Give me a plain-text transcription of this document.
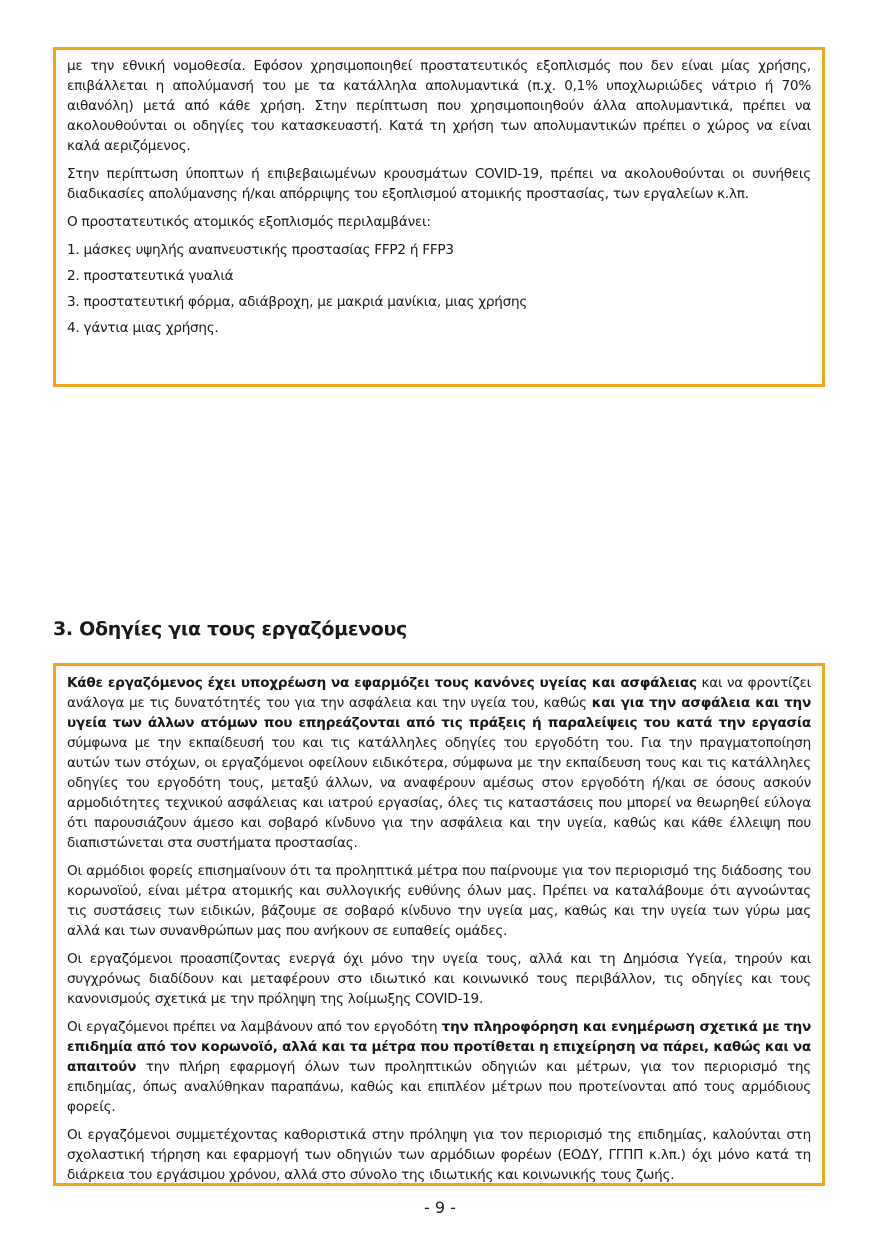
με την εθνική νομοθεσία. Εφόσον χρησιμοποιηθεί προστατευτικός εξοπλισμός που δεν είναι μίας χρήσης, επιβάλλεται η απολύμανσή του με τα κατάλληλα απολυμαντικά (π.χ. 0,1% υποχλωριώδες νάτριο ή 70% αιθανόλη) μετά από κάθε χρήση. Στην περίπτωση που χρησιμοποιηθούν άλλα απολυμαντικά, πρέπει να ακολουθούνται οι οδηγίες του κατασκευαστή. Κατά τη χρήση των απολυμαντικών πρέπει ο χώρος να είναι καλά αεριζόμενος.

Στην περίπτωση ύποπτων ή επιβεβαιωμένων κρουσμάτων COVID-19, πρέπει να ακολουθούνται οι συνήθεις διαδικασίες απολύμανσης ή/και απόρριψης του εξοπλισμού ατομικής προστασίας, των εργαλείων κ.λπ.

Ο προστατευτικός ατομικός εξοπλισμός περιλαμβάνει:

1. μάσκες υψηλής αναπνευστικής προστασίας FFP2 ή FFP3

2. προστατευτικά γυαλιά

3. προστατευτική φόρμα, αδιάβροχη, με μακριά μανίκια, μιας χρήσης

4. γάντια μιας χρήσης.

3. Οδηγίες για τους εργαζόμενους

Κάθε εργαζόμενος έχει υποχρέωση να εφαρμόζει τους κανόνες υγείας και ασφάλειας και να φροντίζει ανάλογα με τις δυνατότητές του για την ασφάλεια και την υγεία του, καθώς και για την ασφάλεια και την υγεία των άλλων ατόμων που επηρεάζονται από τις πράξεις ή παραλείψεις του κατά την εργασία σύμφωνα με την εκπαίδευσή του και τις κατάλληλες οδηγίες του εργοδότη του. Για την πραγματοποίηση αυτών των στόχων, οι εργαζόμενοι οφείλουν ειδικότερα, σύμφωνα με την εκπαίδευση τους και τις κατάλληλες οδηγίες του εργοδότη τους, μεταξύ άλλων, να αναφέρουν αμέσως στον εργοδότη ή/και σε όσους ασκούν αρμοδιότητες τεχνικού ασφάλειας και ιατρού εργασίας, όλες τις καταστάσεις που μπορεί να θεωρηθεί εύλογα ότι παρουσιάζουν άμεσο και σοβαρό κίνδυνο για την ασφάλεια και την υγεία, καθώς και κάθε έλλειψη που διαπιστώνεται στα συστήματα προστασίας.

Οι αρμόδιοι φορείς επισημαίνουν ότι τα προληπτικά μέτρα που παίρνουμε για τον περιορισμό της διάδοσης του κορωνοϊού, είναι μέτρα ατομικής και συλλογικής ευθύνης όλων μας. Πρέπει να καταλάβουμε ότι αγνοώντας τις συστάσεις των ειδικών, βάζουμε σε σοβαρό κίνδυνο την υγεία μας, καθώς και την υγεία των γύρω μας αλλά και των συνανθρώπων μας που ανήκουν σε ευπαθείς ομάδες.

Οι εργαζόμενοι προασπίζοντας ενεργά όχι μόνο την υγεία τους, αλλά και τη Δημόσια Υγεία, τηρούν και συγχρόνως διαδίδουν και μεταφέρουν στο ιδιωτικό και κοινωνικό τους περιβάλλον, τις οδηγίες και τους κανονισμούς σχετικά με την πρόληψη της λοίμωξης COVID-19.

Οι εργαζόμενοι πρέπει να λαμβάνουν από τον εργοδότη την πληροφόρηση και ενημέρωση σχετικά με την επιδημία από τον κορωνοϊό, αλλά και τα μέτρα που προτίθεται η επιχείρηση να πάρει, καθώς και να απαιτούν την πλήρη εφαρμογή όλων των προληπτικών οδηγιών και μέτρων, για τον περιορισμό της επιδημίας, όπως αναλύθηκαν παραπάνω, καθώς και επιπλέον μέτρων που προτείνονται από τους αρμόδιους φορείς.

Οι εργαζόμενοι συμμετέχοντας καθοριστικά στην πρόληψη για τον περιορισμό της επιδημίας, καλούνται στη σχολαστική τήρηση και εφαρμογή των οδηγιών των αρμόδιων φορέων (ΕΟΔΥ, ΓΓΠΠ κ.λπ.) όχι μόνο κατά τη διάρκεια του εργάσιμου χρόνου, αλλά στο σύνολο της ιδιωτικής και κοινωνικής τους ζωής.

- 9 -
